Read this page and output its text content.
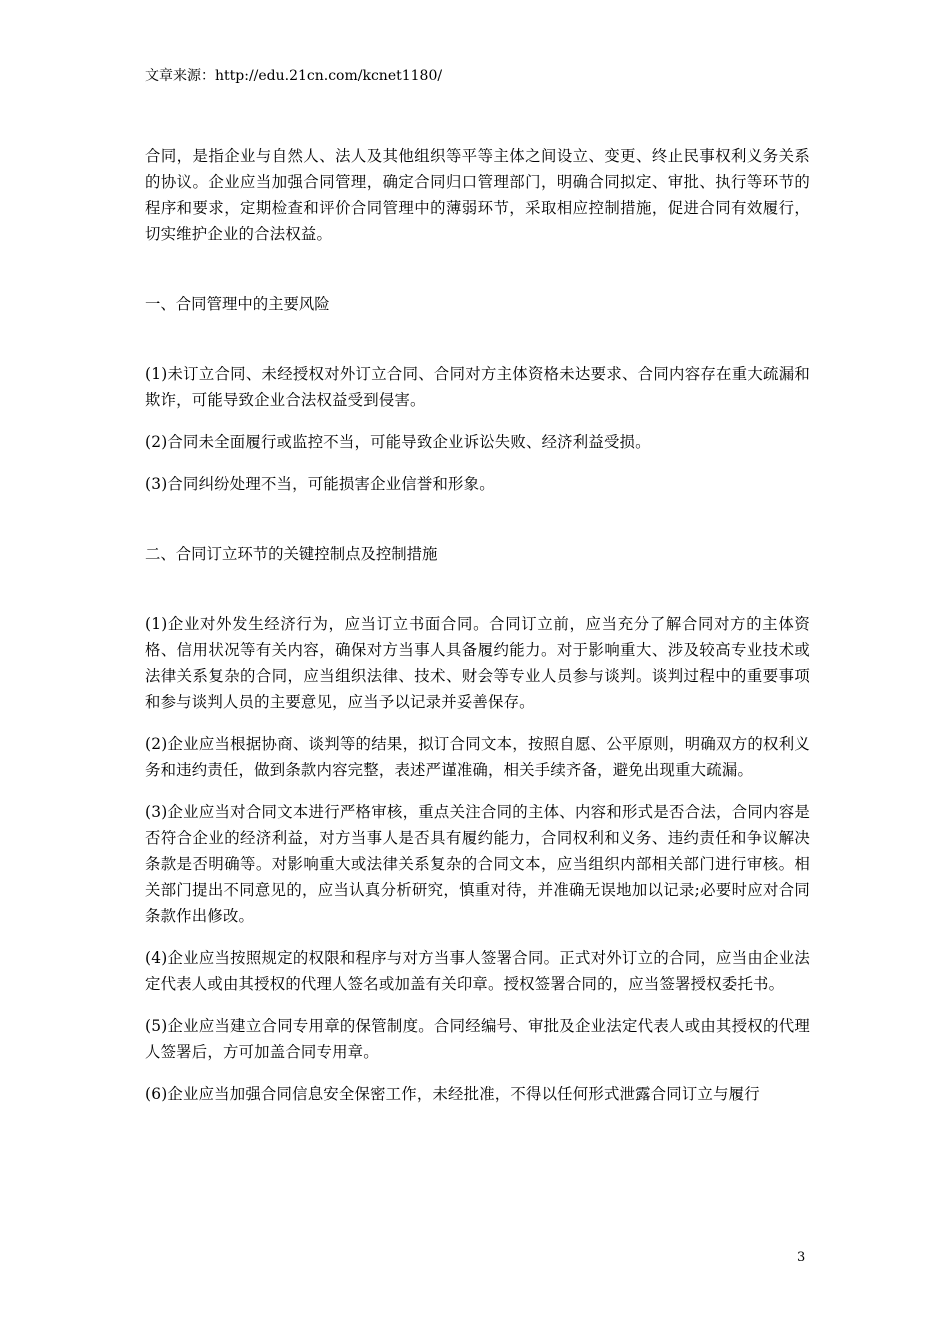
文章来源：http://edu.21cn.com/kcnet1180/

合同，是指企业与自然人、法人及其他组织等平等主体之间设立、变更、终止民事权利义务关系的协议。企业应当加强合同管理，确定合同归口管理部门，明确合同拟定、审批、执行等环节的程序和要求，定期检查和评价合同管理中的薄弱环节，采取相应控制措施，促进合同有效履行，切实维护企业的合法权益。

一、合同管理中的主要风险

(1)未订立合同、未经授权对外订立合同、合同对方主体资格未达要求、合同内容存在重大疏漏和欺诈，可能导致企业合法权益受到侵害。

(2)合同未全面履行或监控不当，可能导致企业诉讼失败、经济利益受损。

(3)合同纠纷处理不当，可能损害企业信誉和形象。

二、合同订立环节的关键控制点及控制措施

(1)企业对外发生经济行为，应当订立书面合同。合同订立前，应当充分了解合同对方的主体资格、信用状况等有关内容，确保对方当事人具备履约能力。对于影响重大、涉及较高专业技术或法律关系复杂的合同，应当组织法律、技术、财会等专业人员参与谈判。谈判过程中的重要事项和参与谈判人员的主要意见，应当予以记录并妥善保存。

(2)企业应当根据协商、谈判等的结果，拟订合同文本，按照自愿、公平原则，明确双方的权利义务和违约责任，做到条款内容完整，表述严谨准确，相关手续齐备，避免出现重大疏漏。

(3)企业应当对合同文本进行严格审核，重点关注合同的主体、内容和形式是否合法，合同内容是否符合企业的经济利益，对方当事人是否具有履约能力，合同权利和义务、违约责任和争议解决条款是否明确等。对影响重大或法律关系复杂的合同文本，应当组织内部相关部门进行审核。相关部门提出不同意见的，应当认真分析研究，慎重对待，并准确无误地加以记录;必要时应对合同条款作出修改。

(4)企业应当按照规定的权限和程序与对方当事人签署合同。正式对外订立的合同，应当由企业法定代表人或由其授权的代理人签名或加盖有关印章。授权签署合同的，应当签署授权委托书。

(5)企业应当建立合同专用章的保管制度。合同经编号、审批及企业法定代表人或由其授权的代理人签署后，方可加盖合同专用章。

(6)企业应当加强合同信息安全保密工作，未经批准，不得以任何形式泄露合同订立与履行

3
